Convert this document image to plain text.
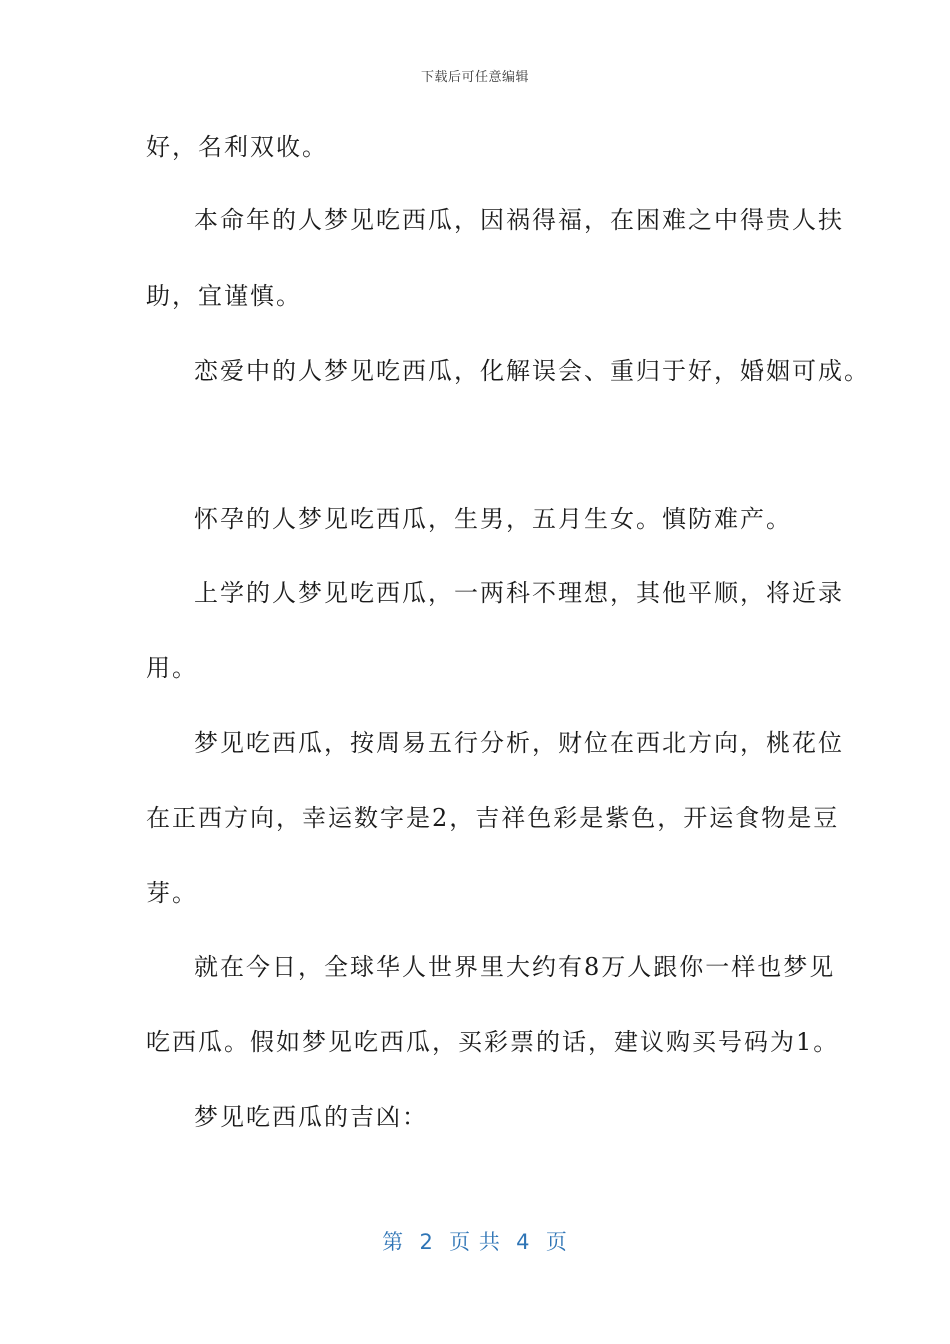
下载后可任意编辑
好，名利双收。
本命年的人梦见吃西瓜，因祸得福，在困难之中得贵人扶
助，宜谨慎。
恋爱中的人梦见吃西瓜，化解误会、重归于好，婚姻可成。
怀孕的人梦见吃西瓜，生男，五月生女。慎防难产。
上学的人梦见吃西瓜，一两科不理想，其他平顺，将近录
用。
梦见吃西瓜，按周易五行分析，财位在西北方向，桃花位
在正西方向，幸运数字是2，吉祥色彩是紫色，开运食物是豆
芽。
就在今日，全球华人世界里大约有8万人跟你一样也梦见
吃西瓜。假如梦见吃西瓜，买彩票的话，建议购买号码为1。
梦见吃西瓜的吉凶：
第  2  页 共  4  页
